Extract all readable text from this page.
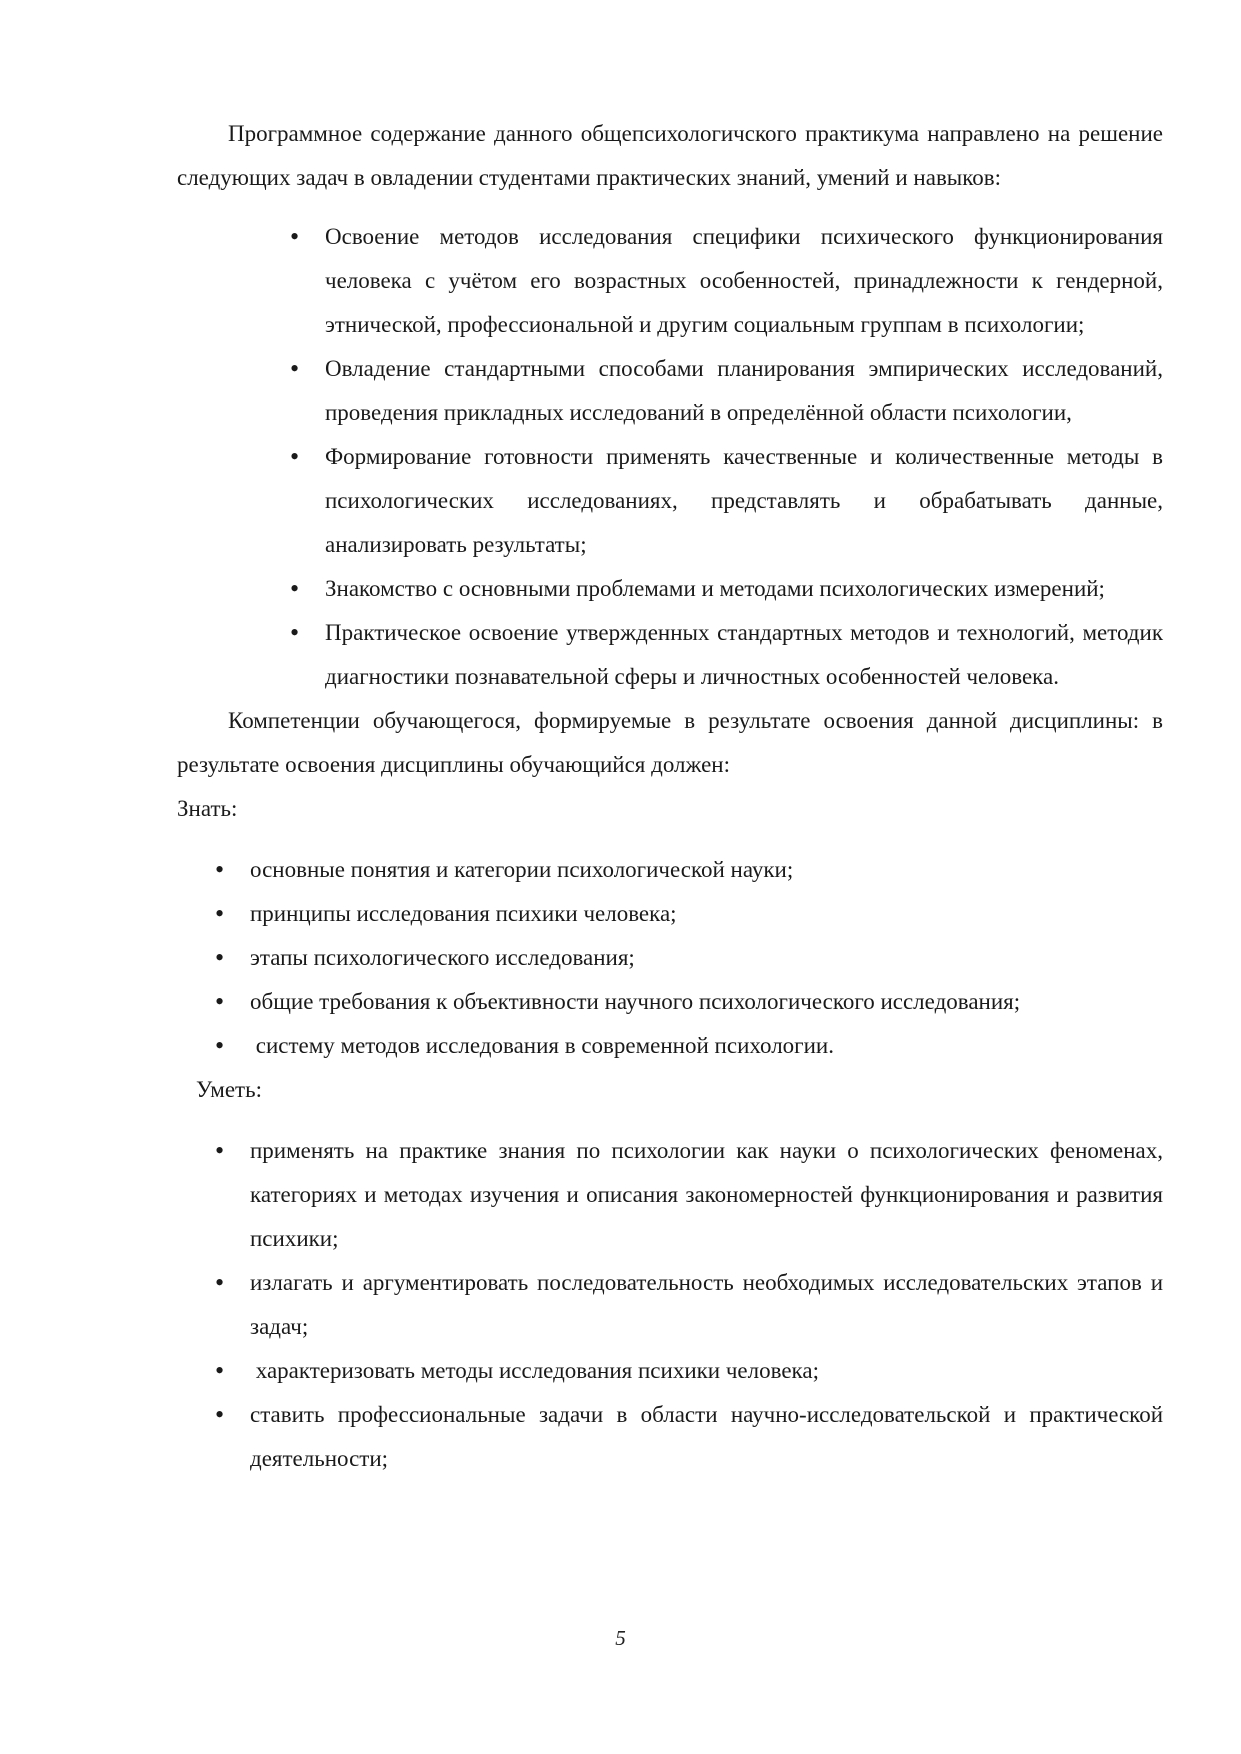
Программное содержание данного общепсихологичского практикума направлено на решение следующих задач в овладении студентами практических знаний, умений и навыков:

• Освоение методов исследования специфики психического функционирования человека с учётом его возрастных особенностей, принадлежности к гендерной, этнической, профессиональной и другим социальным группам в психологии;
• Овладение стандартными способами планирования эмпирических исследований, проведения прикладных исследований в определённой области психологии,
• Формирование готовности применять качественные и количественные методы в психологических исследованиях, представлять и обрабатывать данные, анализировать результаты;
• Знакомство с основными проблемами и методами психологических измерений;
• Практическое освоение утвержденных стандартных методов и технологий, методик диагностики познавательной сферы и личностных особенностей человека.

Компетенции обучающегося, формируемые в результате освоения данной дисциплины: в результате освоения дисциплины обучающийся должен:

Знать:

• основные понятия и категории психологической науки;
• принципы исследования психики человека;
• этапы психологического исследования;
• общие требования к объективности научного психологического исследования;
•  систему методов исследования в современной психологии.

Уметь:

• применять на практике знания по психологии как науки о психологических феноменах, категориях и методах изучения и описания закономерностей функционирования и развития психики;
• излагать и аргументировать последовательность необходимых исследовательских этапов и задач;
•  характеризовать методы исследования психики человека;
• ставить профессиональные задачи в области научно-исследовательской и практической деятельности;
5
